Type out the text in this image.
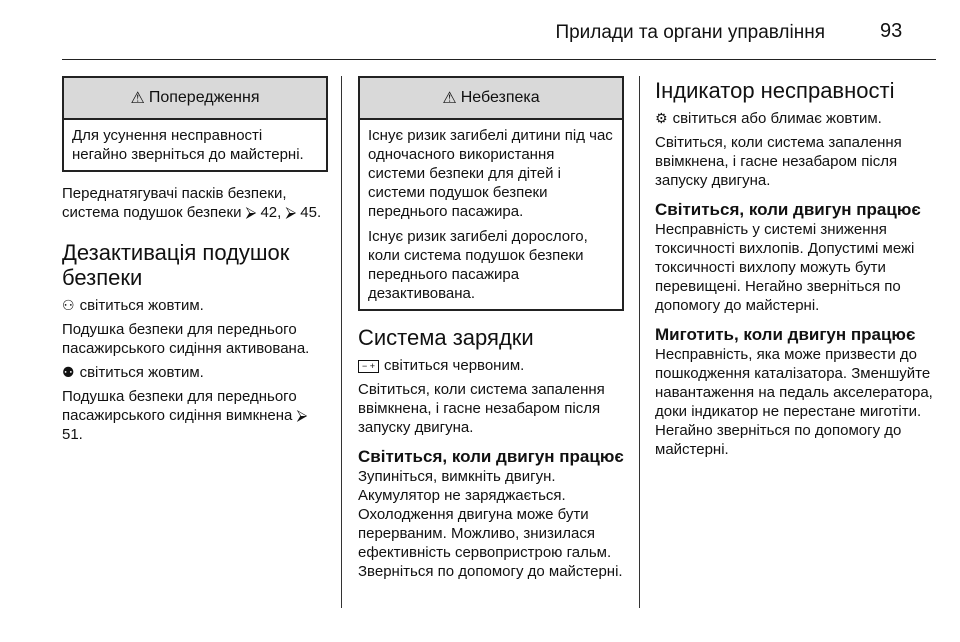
Прилади та органи управління	93
⚠ Попередження

Для усунення несправності негайно зверніться до майстерні.

Переднатягувачі пасків безпеки, система подушок безпеки ⮚ 42, ⮚ 45.

Дезактивація подушок безпеки

⚇ світиться жовтим.

Подушка безпеки для переднього пасажирського сидіння активована.

⚉ світиться жовтим.

Подушка безпеки для переднього пасажирського сидіння вимкнена ⮚ 51.

⚠ Небезпека

Існує ризик загибелі дитини під час одночасного використання системи безпеки для дітей і системи подушок безпеки переднього пасажира.

Існує ризик загибелі дорослого, коли система подушок безпеки переднього пасажира дезактивована.

Система зарядки

− + світиться червоним.

Світиться, коли система запалення ввімкнена, і гасне незабаром після запуску двигуна.

Світиться, коли двигун працює

Зупиніться, вимкніть двигун. Акумулятор не заряджається. Охолодження двигуна може бути перерваним. Можливо, знизилася ефективність сервопристрою гальм. Зверніться по допомогу до майстерні.

Індикатор несправності

⚙ світиться або блимає жовтим.

Світиться, коли система запалення ввімкнена, і гасне незабаром після запуску двигуна.

Світиться, коли двигун працює

Несправність у системі зниження токсичності вихлопів. Допустимі межі токсичності вихлопу можуть бути перевищені. Негайно зверніться по допомогу до майстерні.

Миготить, коли двигун працює

Несправність, яка може призвести до пошкодження каталізатора. Зменшуйте навантаження на педаль акселератора, доки індикатор не перестане миготіти. Негайно зверніться по допомогу до майстерні.
